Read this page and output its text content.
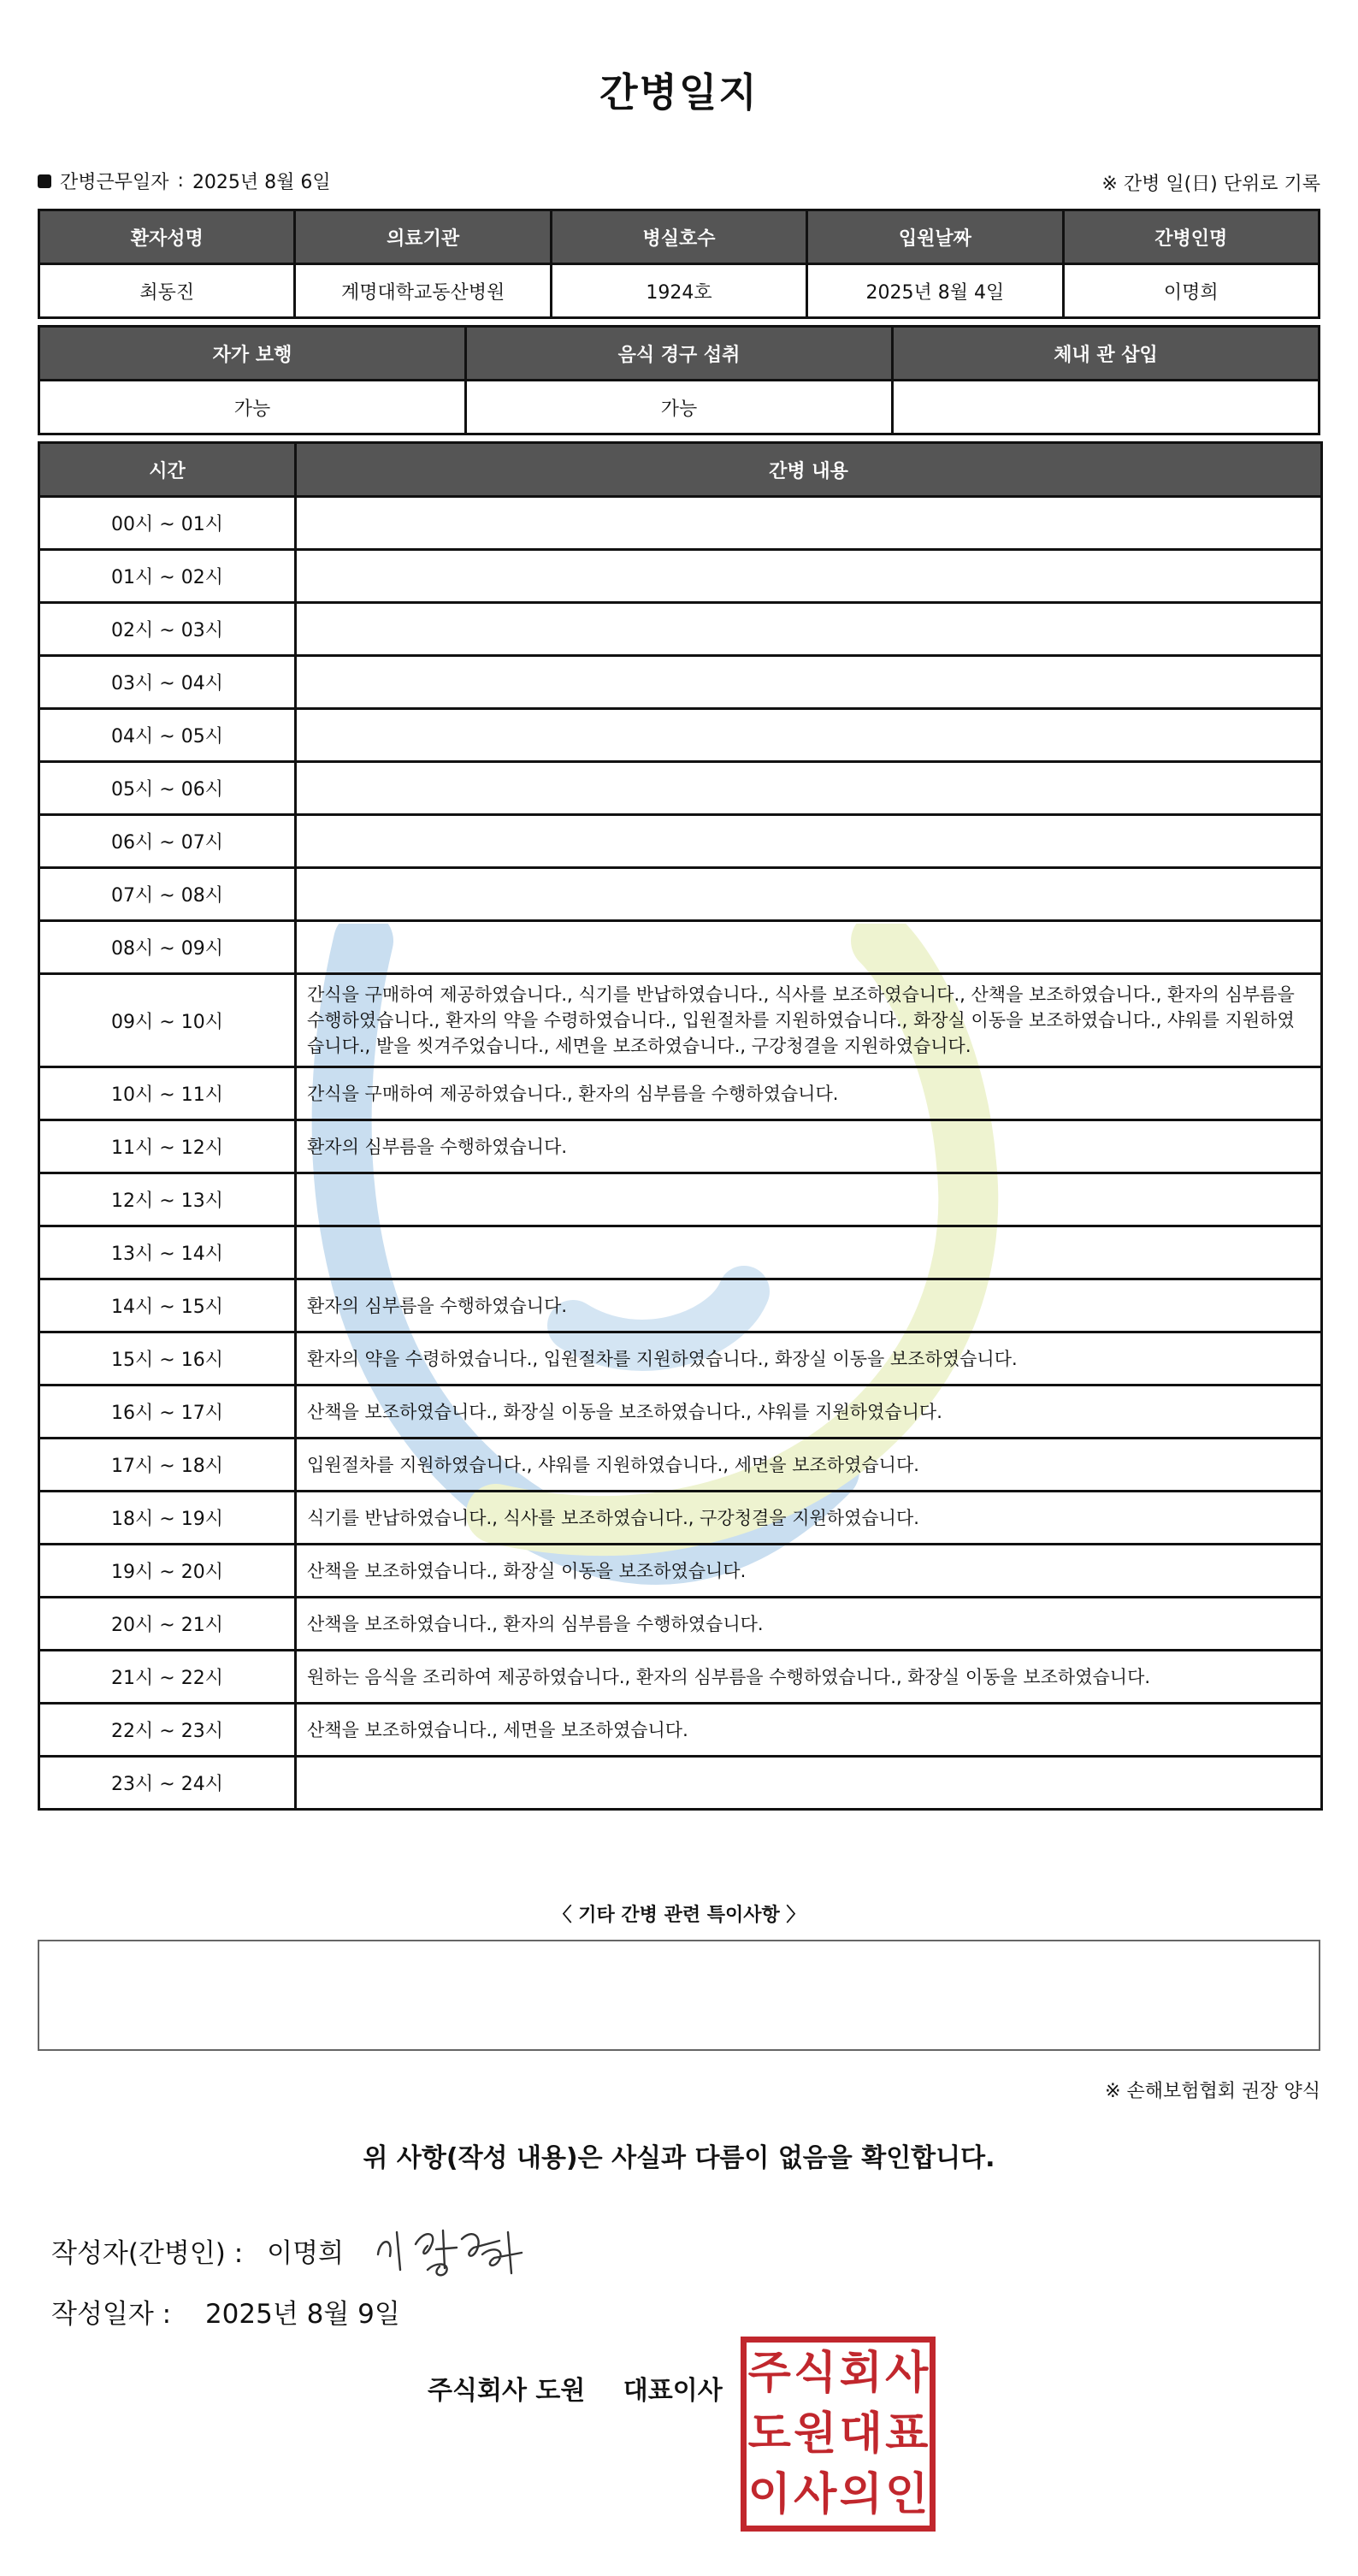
간병일지
간병근무일자 : 2025년 8월 6일	※ 간병 일(日) 단위로 기록
환자성명	의료기관	병실호수	입원날짜	간병인명
최동진	계명대학교동산병원	1924호	2025년 8월 4일	이명희
자가 보행	음식 경구 섭취	체내 관 삽입
가능	가능	
시간	간병 내용
00시 ~ 01시	
01시 ~ 02시	
02시 ~ 03시	
03시 ~ 04시	
04시 ~ 05시	
05시 ~ 06시	
06시 ~ 07시	
07시 ~ 08시	
08시 ~ 09시	
09시 ~ 10시	간식을 구매하여 제공하였습니다., 식기를 반납하였습니다., 식사를 보조하였습니다., 산책을 보조하였습니다., 환자의 심부름을 수행하였습니다., 환자의 약을 수령하였습니다., 입원절차를 지원하였습니다., 화장실 이동을 보조하였습니다., 샤워를 지원하였습니다., 발을 씻겨주었습니다., 세면을 보조하였습니다., 구강청결을 지원하였습니다.
10시 ~ 11시	간식을 구매하여 제공하였습니다., 환자의 심부름을 수행하였습니다.
11시 ~ 12시	환자의 심부름을 수행하였습니다.
12시 ~ 13시	
13시 ~ 14시	
14시 ~ 15시	환자의 심부름을 수행하였습니다.
15시 ~ 16시	환자의 약을 수령하였습니다., 입원절차를 지원하였습니다., 화장실 이동을 보조하였습니다.
16시 ~ 17시	산책을 보조하였습니다., 화장실 이동을 보조하였습니다., 샤워를 지원하였습니다.
17시 ~ 18시	입원절차를 지원하였습니다., 샤워를 지원하였습니다., 세면을 보조하였습니다.
18시 ~ 19시	식기를 반납하였습니다., 식사를 보조하였습니다., 구강청결을 지원하였습니다.
19시 ~ 20시	산책을 보조하였습니다., 화장실 이동을 보조하였습니다.
20시 ~ 21시	산책을 보조하였습니다., 환자의 심부름을 수행하였습니다.
21시 ~ 22시	원하는 음식을 조리하여 제공하였습니다., 환자의 심부름을 수행하였습니다., 화장실 이동을 보조하였습니다.
22시 ~ 23시	산책을 보조하였습니다., 세면을 보조하였습니다.
23시 ~ 24시	
〈 기타 간병 관련 특이사항 〉
※ 손해보험협회 권장 양식
위 사항(작성 내용)은 사실과 다름이 없음을 확인합니다.
작성자(간병인) : 이명희
작성일자 : 2025년 8월 9일
주식회사 도원 대표이사 주 식 회 사
도 원 대 표
이 사 의 인
